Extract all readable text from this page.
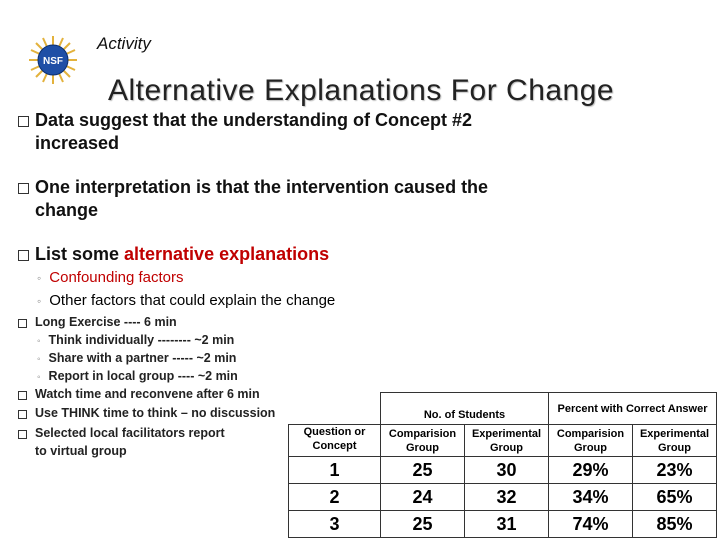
NSF
Activity
Alternative Explanations For Change
Data suggest that the understanding of Concept #2
increased
One interpretation is that the intervention caused the
change
List some alternative explanations
◦ Confounding factors
◦ Other factors that could explain the change
Long Exercise ---- 6 min
◦ Think individually -------- ~2 min
◦ Share with a partner ----- ~2 min
◦ Report in local group ---- ~2 min
Watch time and reconvene after 6 min
Use THINK time to think – no discussion
Selected local facilitators report
to virtual group
	No. of Students		Percent with Correct Answer	
Question or Concept	Comparision Group	Experimental Group	Comparision Group	Experimental Group
1	25	30	29%	23%
2	24	32	34%	65%
3	25	31	74%	85%
